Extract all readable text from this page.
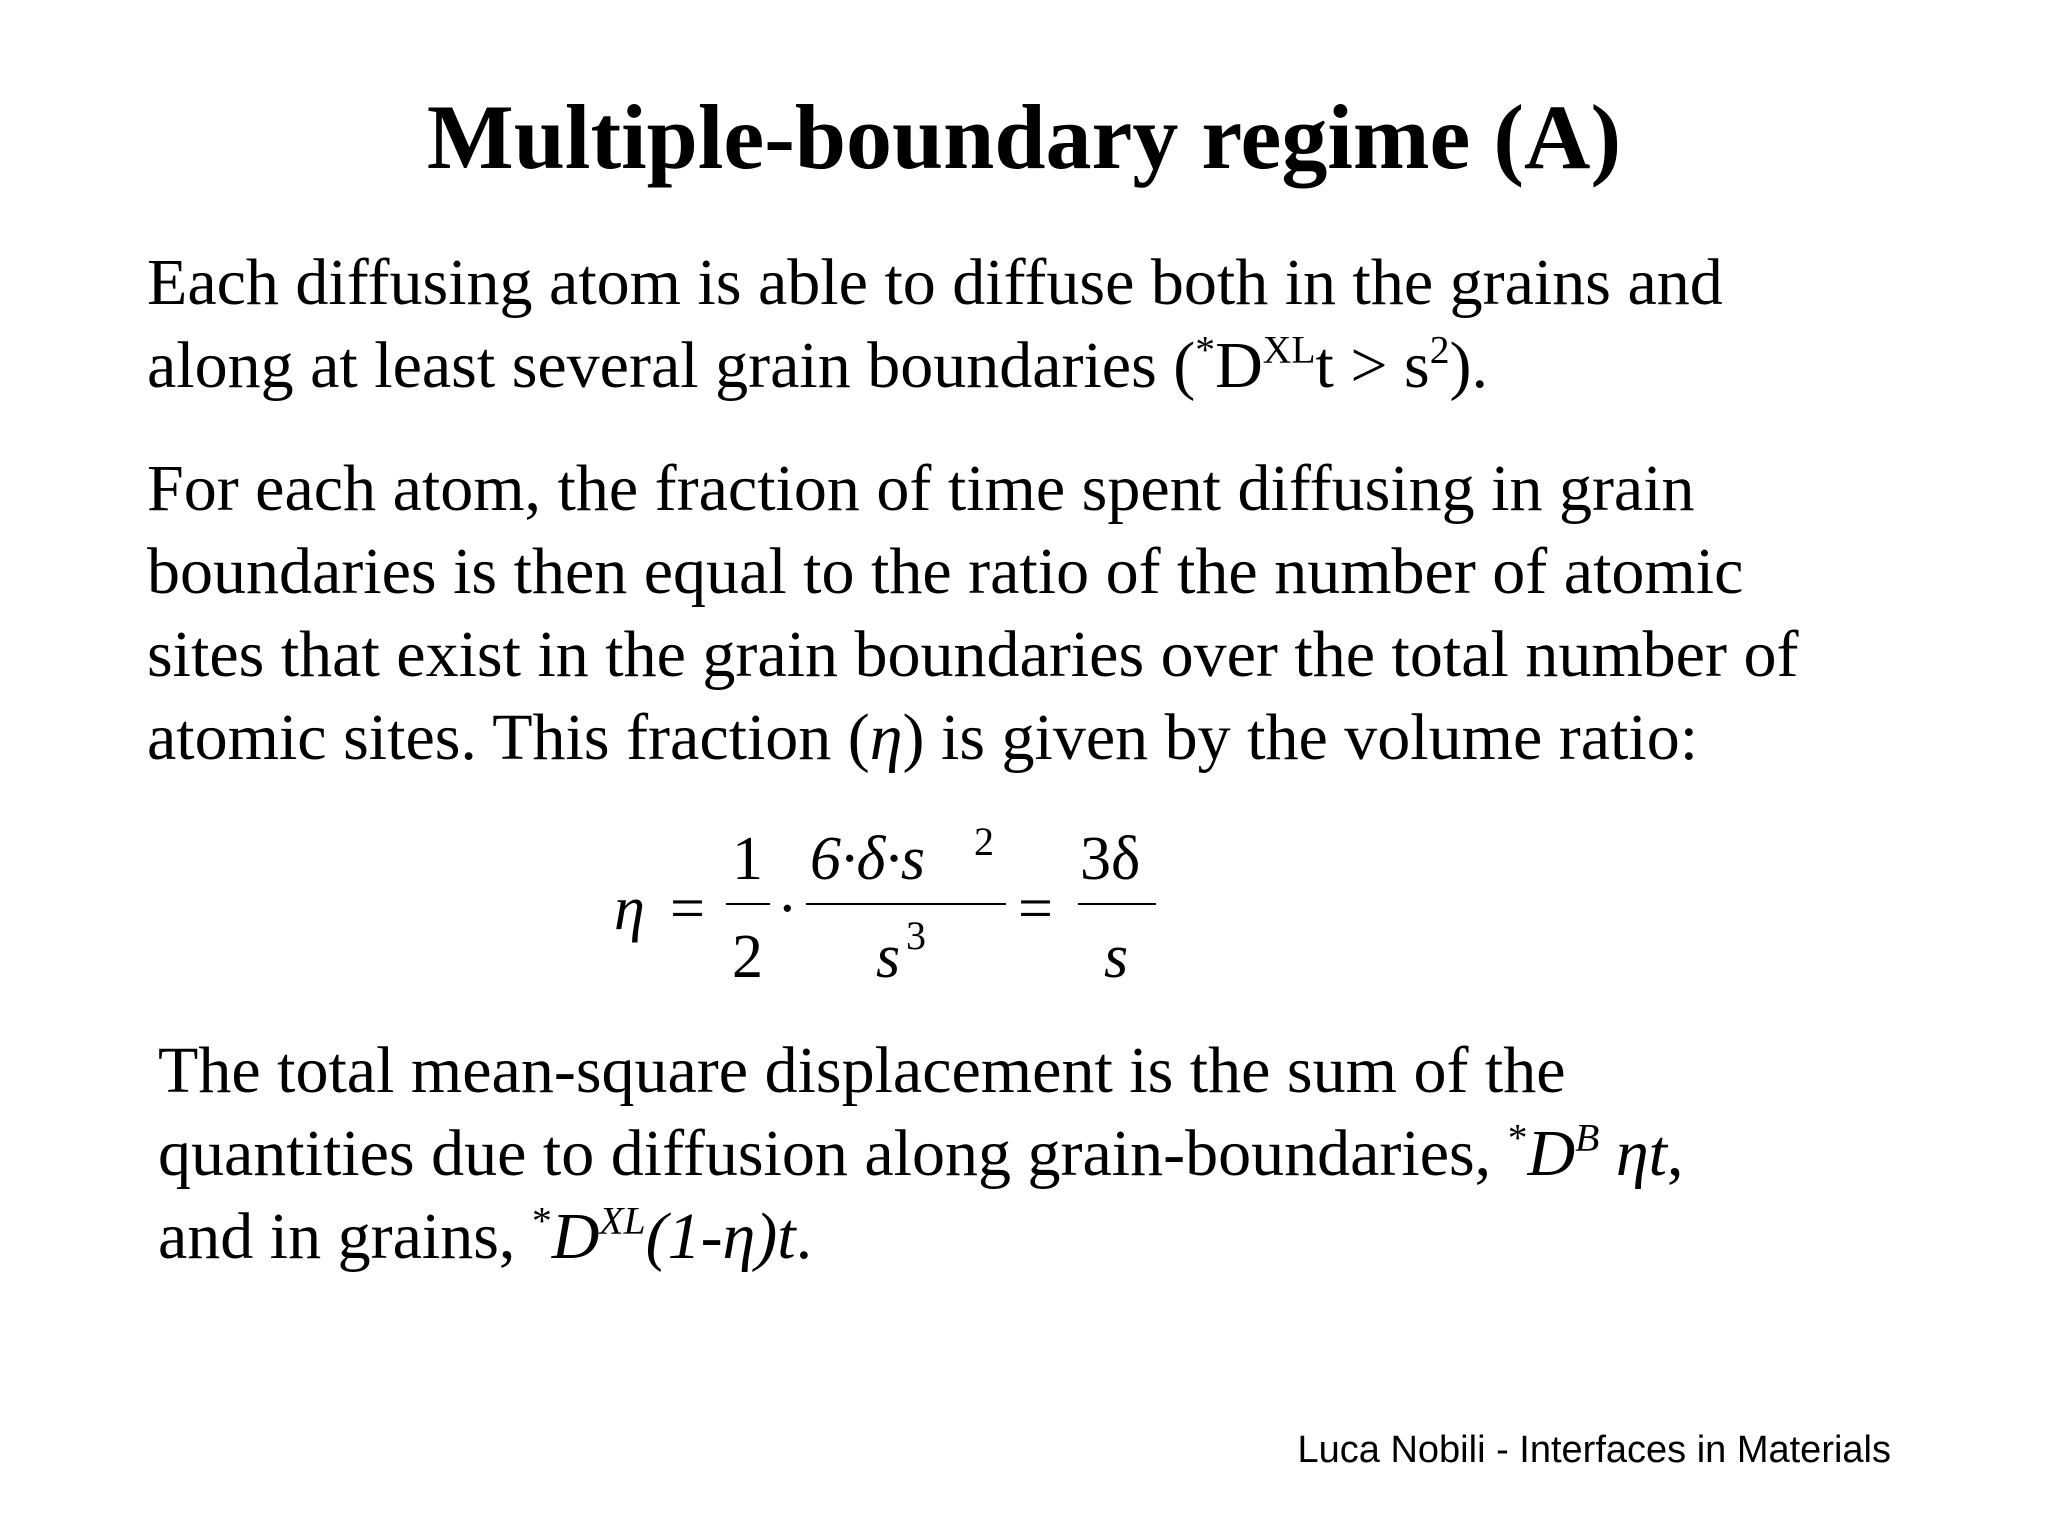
Multiple-boundary regime (A)
Each diffusing atom is able to diffuse both in the grains and
along at least several grain boundaries $(^*D^{XL}t > s^2)$.
For each atom, the fraction of time spent diffusing in grain
boundaries is then equal to the ratio of the number of atomic
sites that exist in the grain boundaries over the total number of
atomic sites. This fraction (η) is given by the volume ratio:
η =
1
2
·
6·δ·s 2
s 3 =
3δ
s
The total mean-square displacement is the sum of the
quantities due to diffusion along grain-boundaries, $^*D^B$ ηt,
and in grains, $^*D^{XL}(1-\eta)t$.
Luca Nobili - Interfaces in Materials
